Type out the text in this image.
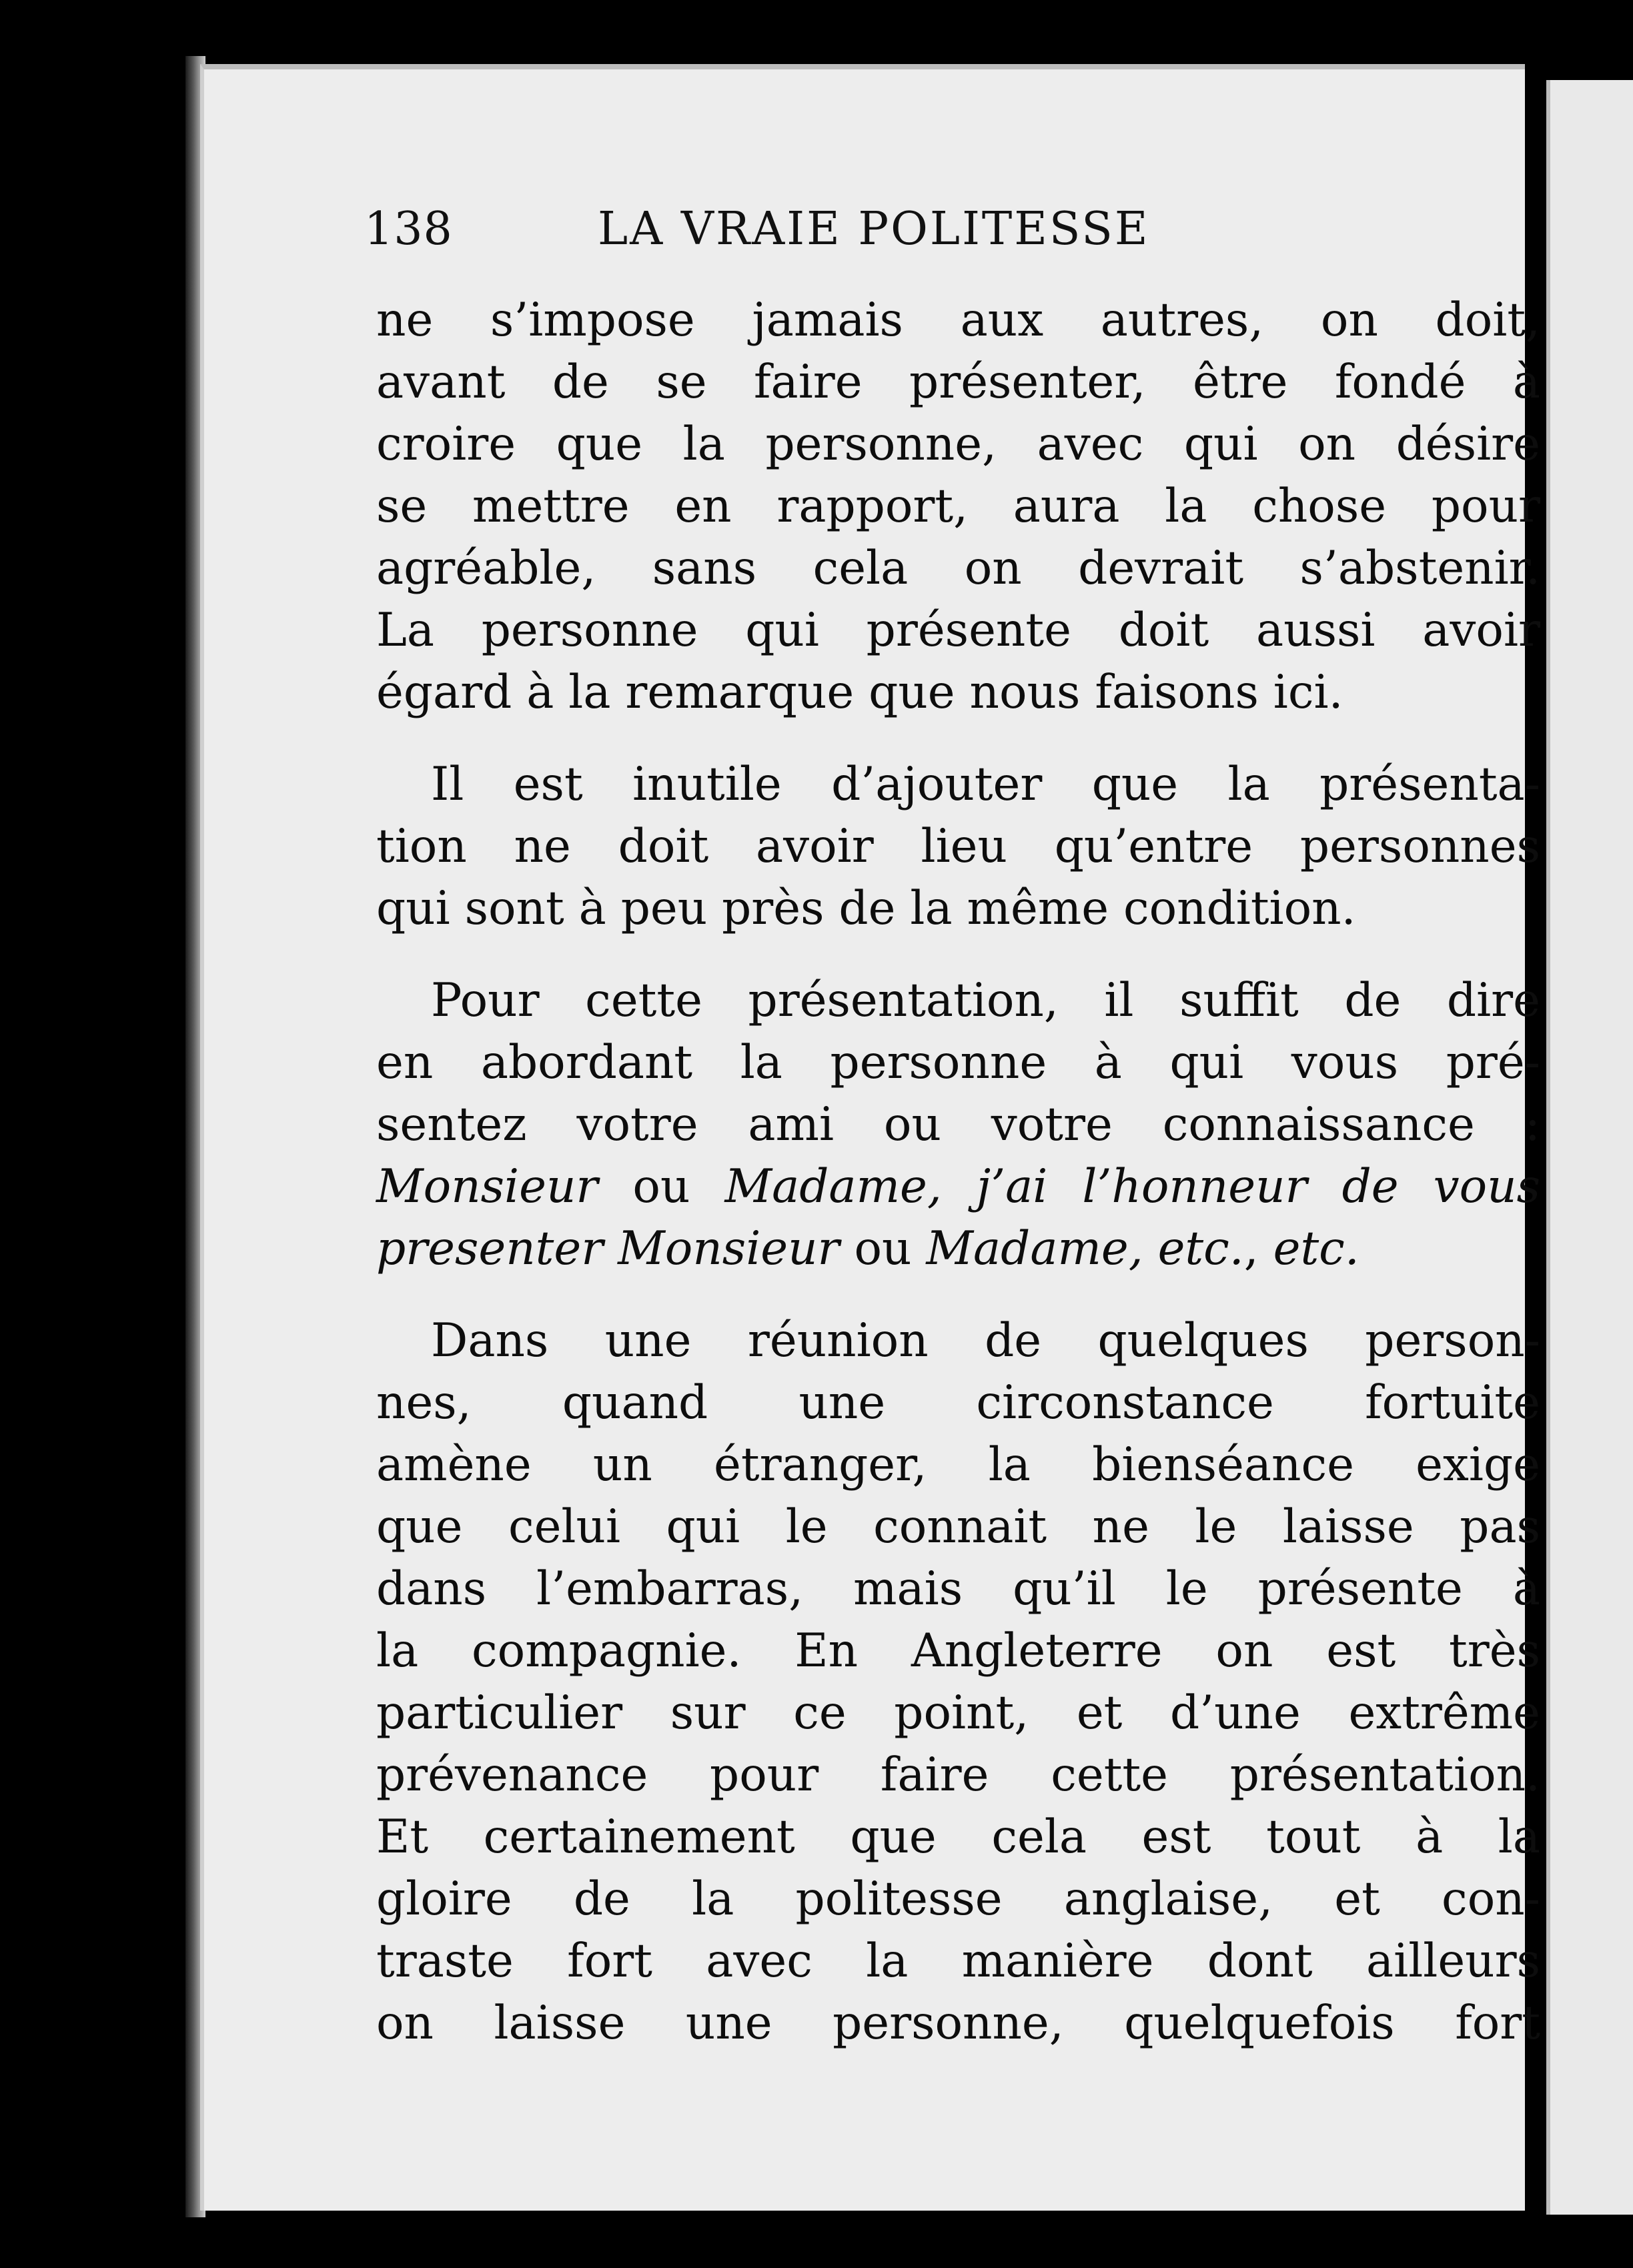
138	LA VRAIE POLITESSE
ne s’impose jamais aux autres, on doit,
avant de se faire présenter, être fondé à
croire que la personne, avec qui on désire
se mettre en rapport, aura la chose pour
agréable, sans cela on devrait s’abstenir.
La personne qui présente doit aussi avoir
égard à la remarque que nous faisons ici.
Il est inutile d’ajouter que la présenta-
tion ne doit avoir lieu qu’entre personnes
qui sont à peu près de la même condition.
Pour cette présentation, il suffit de dire
en abordant la personne à qui vous pré-
sentez votre ami ou votre connaissance :
Monsieur ou Madame, j’ai l’honneur de vous
presenter Monsieur ou Madame, etc., etc.
Dans une réunion de quelques person-
nes, quand une circonstance fortuite
amène un étranger, la bienséance exige
que celui qui le connait ne le laisse pas
dans l’embarras, mais qu’il le présente à
la compagnie. En Angleterre on est très
particulier sur ce point, et d’une extrême
prévenance pour faire cette présentation.
Et certainement que cela est tout à la
gloire de la politesse anglaise, et con-
traste fort avec la manière dont ailleurs
on laisse une personne, quelquefois fort
